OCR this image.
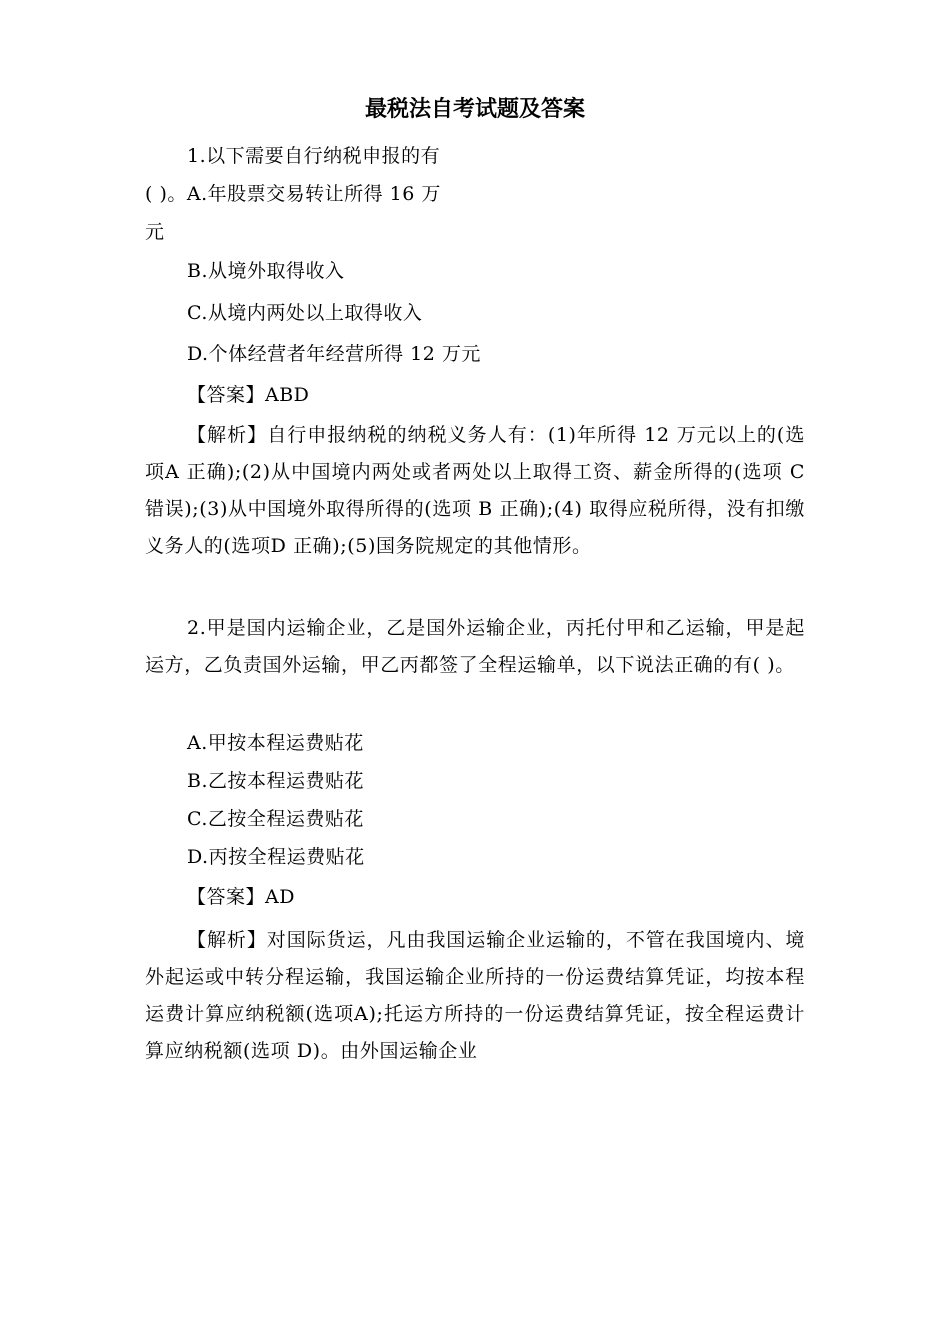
最税法自考试题及答案
1.以下需要自行纳税申报的有
( )。A.年股票交易转让所得 16 万
元
B.从境外取得收入
C.从境内两处以上取得收入
D.个体经营者年经营所得 12 万元
【答案】ABD
【解析】自行申报纳税的纳税义务人有：(1)年所得 12 万元以上的(选项A 正确);(2)从中国境内两处或者两处以上取得工资、薪金所得的(选项 C 错误);(3)从中国境外取得所得的(选项 B 正确);(4) 取得应税所得，没有扣缴义务人的(选项D 正确);(5)国务院规定的其他情形。
2.甲是国内运输企业，乙是国外运输企业，丙托付甲和乙运输，甲是起运方，乙负责国外运输，甲乙丙都签了全程运输单，以下说法正确的有( )。
A.甲按本程运费贴花
B.乙按本程运费贴花
C.乙按全程运费贴花
D.丙按全程运费贴花
【答案】AD
【解析】对国际货运，凡由我国运输企业运输的，不管在我国境内、境外起运或中转分程运输，我国运输企业所持的一份运费结算凭证，均按本程运费计算应纳税额(选项A);托运方所持的一份运费结算凭证，按全程运费计算应纳税额(选项 D)。由外国运输企业
